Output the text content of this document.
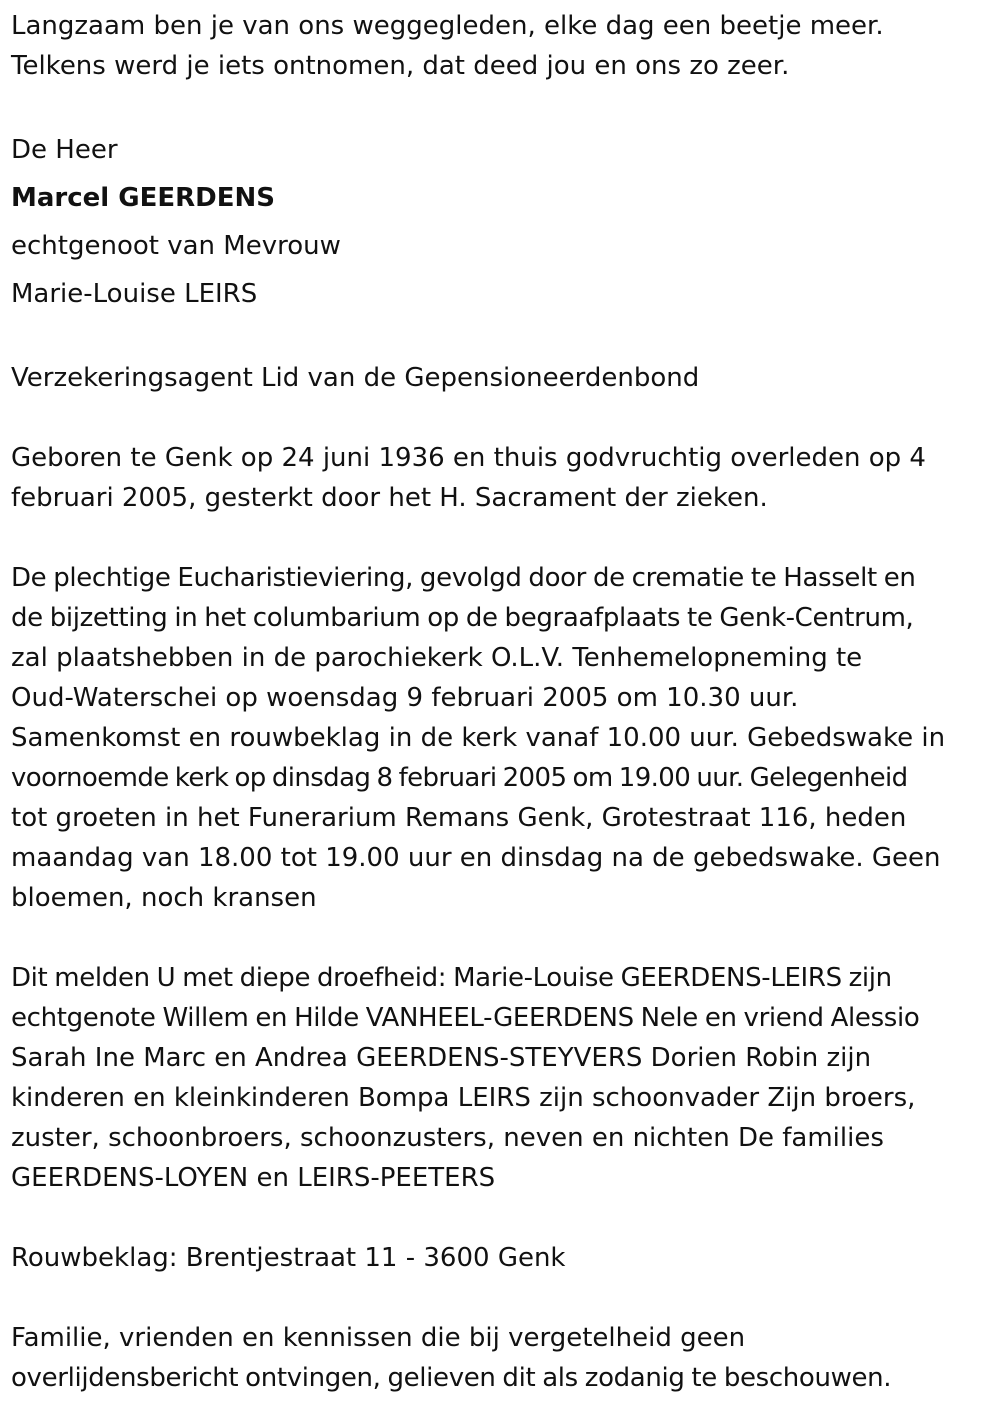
Langzaam ben je van ons weggegleden, elke dag een beetje meer.
Telkens werd je iets ontnomen, dat deed jou en ons zo zeer.
De Heer
Marcel GEERDENS
echtgenoot van Mevrouw
Marie-Louise LEIRS
Verzekeringsagent Lid van de Gepensioneerdenbond
Geboren te Genk op 24 juni 1936 en thuis godvruchtig overleden op 4
februari 2005, gesterkt door het H. Sacrament der zieken.
De plechtige Eucharistieviering, gevolgd door de crematie te Hasselt en
de bijzetting in het columbarium op de begraafplaats te Genk-Centrum,
zal plaatshebben in de parochiekerk O.L.V. Tenhemelopneming te
Oud-Waterschei op woensdag 9 februari 2005 om 10.30 uur.
Samenkomst en rouwbeklag in de kerk vanaf 10.00 uur. Gebedswake in
voornoemde kerk op dinsdag 8 februari 2005 om 19.00 uur. Gelegenheid
tot groeten in het Funerarium Remans Genk, Grotestraat 116, heden
maandag van 18.00 tot 19.00 uur en dinsdag na de gebedswake. Geen
bloemen, noch kransen
Dit melden U met diepe droefheid: Marie-Louise GEERDENS-LEIRS zijn
echtgenote Willem en Hilde VANHEEL-GEERDENS Nele en vriend Alessio
Sarah Ine Marc en Andrea GEERDENS-STEYVERS Dorien Robin zijn
kinderen en kleinkinderen Bompa LEIRS zijn schoonvader Zijn broers,
zuster, schoonbroers, schoonzusters, neven en nichten De families
GEERDENS-LOYEN en LEIRS-PEETERS
Rouwbeklag: Brentjestraat 11 - 3600 Genk
Familie, vrienden en kennissen die bij vergetelheid geen
overlijdensbericht ontvingen, gelieven dit als zodanig te beschouwen.
